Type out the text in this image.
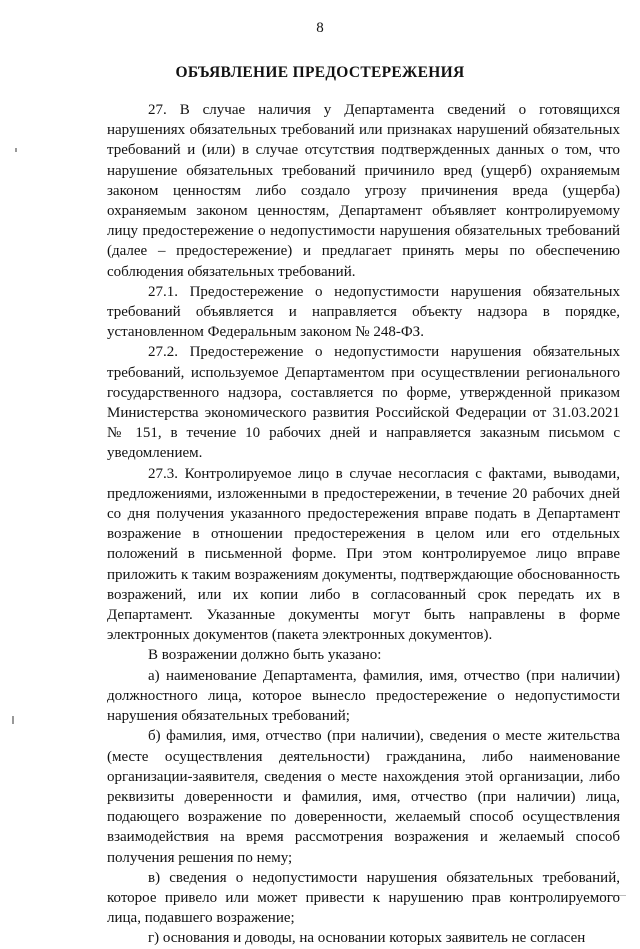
8
ОБЪЯВЛЕНИЕ ПРЕДОСТЕРЕЖЕНИЯ

27. В случае наличия у Департамента сведений о готовящихся нарушениях обязательных требований или признаках нарушений обязательных требований и (или) в случае отсутствия подтвержденных данных о том, что нарушение обязательных требований причинило вред (ущерб) охраняемым законом ценностям либо создало угрозу причинения вреда (ущерба) охраняемым законом ценностям, Департамент объявляет контролируемому лицу предостережение о недопустимости нарушения обязательных требований (далее – предостережение) и предлагает принять меры по обеспечению соблюдения обязательных требований.

27.1. Предостережение о недопустимости нарушения обязательных требований объявляется и направляется объекту надзора в порядке, установленном Федеральным законом № 248-ФЗ.

27.2. Предостережение о недопустимости нарушения обязательных требований, используемое Департаментом при осуществлении регионального государственного надзора, составляется по форме, утвержденной приказом Министерства экономического развития Российской Федерации от 31.03.2021 № 151, в течение 10 рабочих дней и направляется заказным письмом с уведомлением.

27.3. Контролируемое лицо в случае несогласия с фактами, выводами, предложениями, изложенными в предостережении, в течение 20 рабочих дней со дня получения указанного предостережения вправе подать в Департамент возражение в отношении предостережения в целом или его отдельных положений в письменной форме. При этом контролируемое лицо вправе приложить к таким возражениям документы, подтверждающие обоснованность возражений, или их копии либо в согласованный срок передать их в Департамент. Указанные документы могут быть направлены в форме электронных документов (пакета электронных документов).

В возражении должно быть указано:

а) наименование Департамента, фамилия, имя, отчество (при наличии) должностного лица, которое вынесло предостережение о недопустимости нарушения обязательных требований;

б) фамилия, имя, отчество (при наличии), сведения о месте жительства (месте осуществления деятельности) гражданина, либо наименование организации-заявителя, сведения о месте нахождения этой организации, либо реквизиты доверенности и фамилия, имя, отчество (при наличии) лица, подающего возражение по доверенности, желаемый способ осуществления взаимодействия на время рассмотрения возражения и желаемый способ получения решения по нему;

в) сведения о недопустимости нарушения обязательных требований, которое привело или может привести к нарушению прав контролируемого лица, подавшего возражение;

г) основания и доводы, на основании которых заявитель не согласен
